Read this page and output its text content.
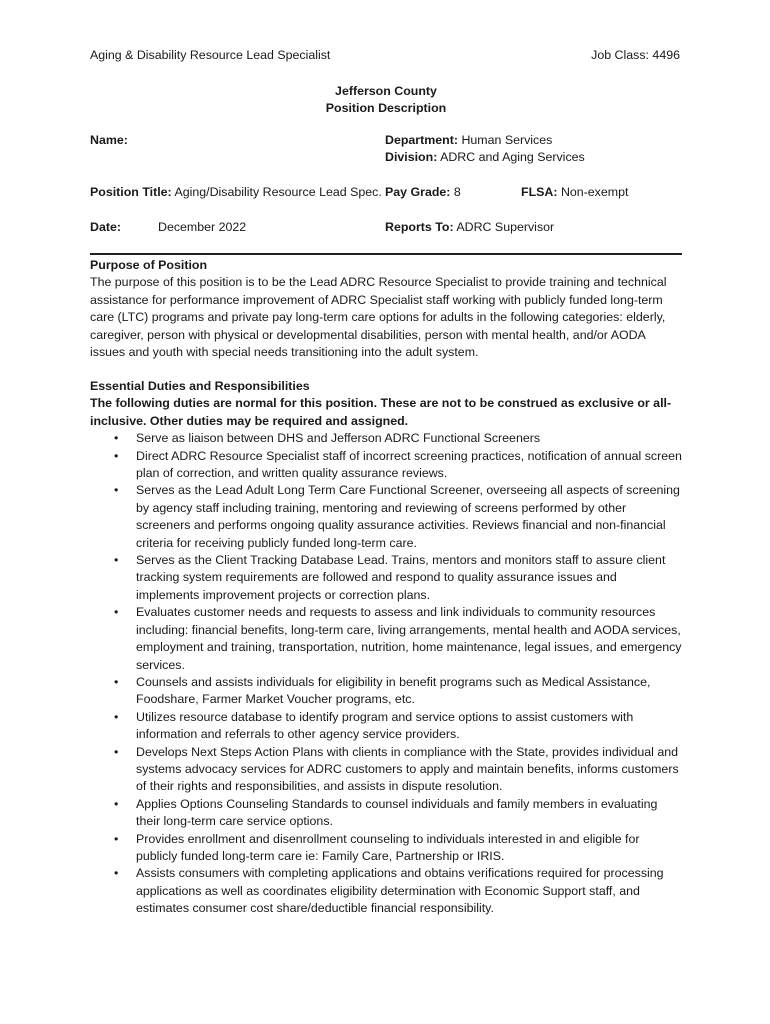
Aging & Disability Resource Lead Specialist	Job Class: 4496
Jefferson County
Position Description
Name:	Department: Human Services
Division: ADRC and Aging Services
Position Title: Aging/Disability Resource Lead Spec. Pay Grade: 8	FLSA: Non-exempt
Date:	December 2022	Reports To: ADRC Supervisor
Purpose of Position

The purpose of this position is to be the Lead ADRC Resource Specialist to provide training and technical assistance for performance improvement of ADRC Specialist staff working with publicly funded long-term care (LTC) programs and private pay long-term care options for adults in the following categories: elderly, caregiver, person with physical or developmental disabilities, person with mental health, and/or AODA issues and youth with special needs transitioning into the adult system.

Essential Duties and Responsibilities
The following duties are normal for this position. These are not to be construed as exclusive or all-inclusive. Other duties may be required and assigned.
• Serve as liaison between DHS and Jefferson ADRC Functional Screeners
• Direct ADRC Resource Specialist staff of incorrect screening practices, notification of annual screen plan of correction, and written quality assurance reviews.
• Serves as the Lead Adult Long Term Care Functional Screener, overseeing all aspects of screening by agency staff including training, mentoring and reviewing of screens performed by other screeners and performs ongoing quality assurance activities. Reviews financial and non-financial criteria for receiving publicly funded long-term care.
• Serves as the Client Tracking Database Lead. Trains, mentors and monitors staff to assure client tracking system requirements are followed and respond to quality assurance issues and implements improvement projects or correction plans.
• Evaluates customer needs and requests to assess and link individuals to community resources including: financial benefits, long-term care, living arrangements, mental health and AODA services, employment and training, transportation, nutrition, home maintenance, legal issues, and emergency services.
• Counsels and assists individuals for eligibility in benefit programs such as Medical Assistance, Foodshare, Farmer Market Voucher programs, etc.
• Utilizes resource database to identify program and service options to assist customers with information and referrals to other agency service providers.
• Develops Next Steps Action Plans with clients in compliance with the State, provides individual and systems advocacy services for ADRC customers to apply and maintain benefits, informs customers of their rights and responsibilities, and assists in dispute resolution.
• Applies Options Counseling Standards to counsel individuals and family members in evaluating their long-term care service options.
• Provides enrollment and disenrollment counseling to individuals interested in and eligible for publicly funded long-term care ie: Family Care, Partnership or IRIS.
• Assists consumers with completing applications and obtains verifications required for processing applications as well as coordinates eligibility determination with Economic Support staff, and estimates consumer cost share/deductible financial responsibility.
